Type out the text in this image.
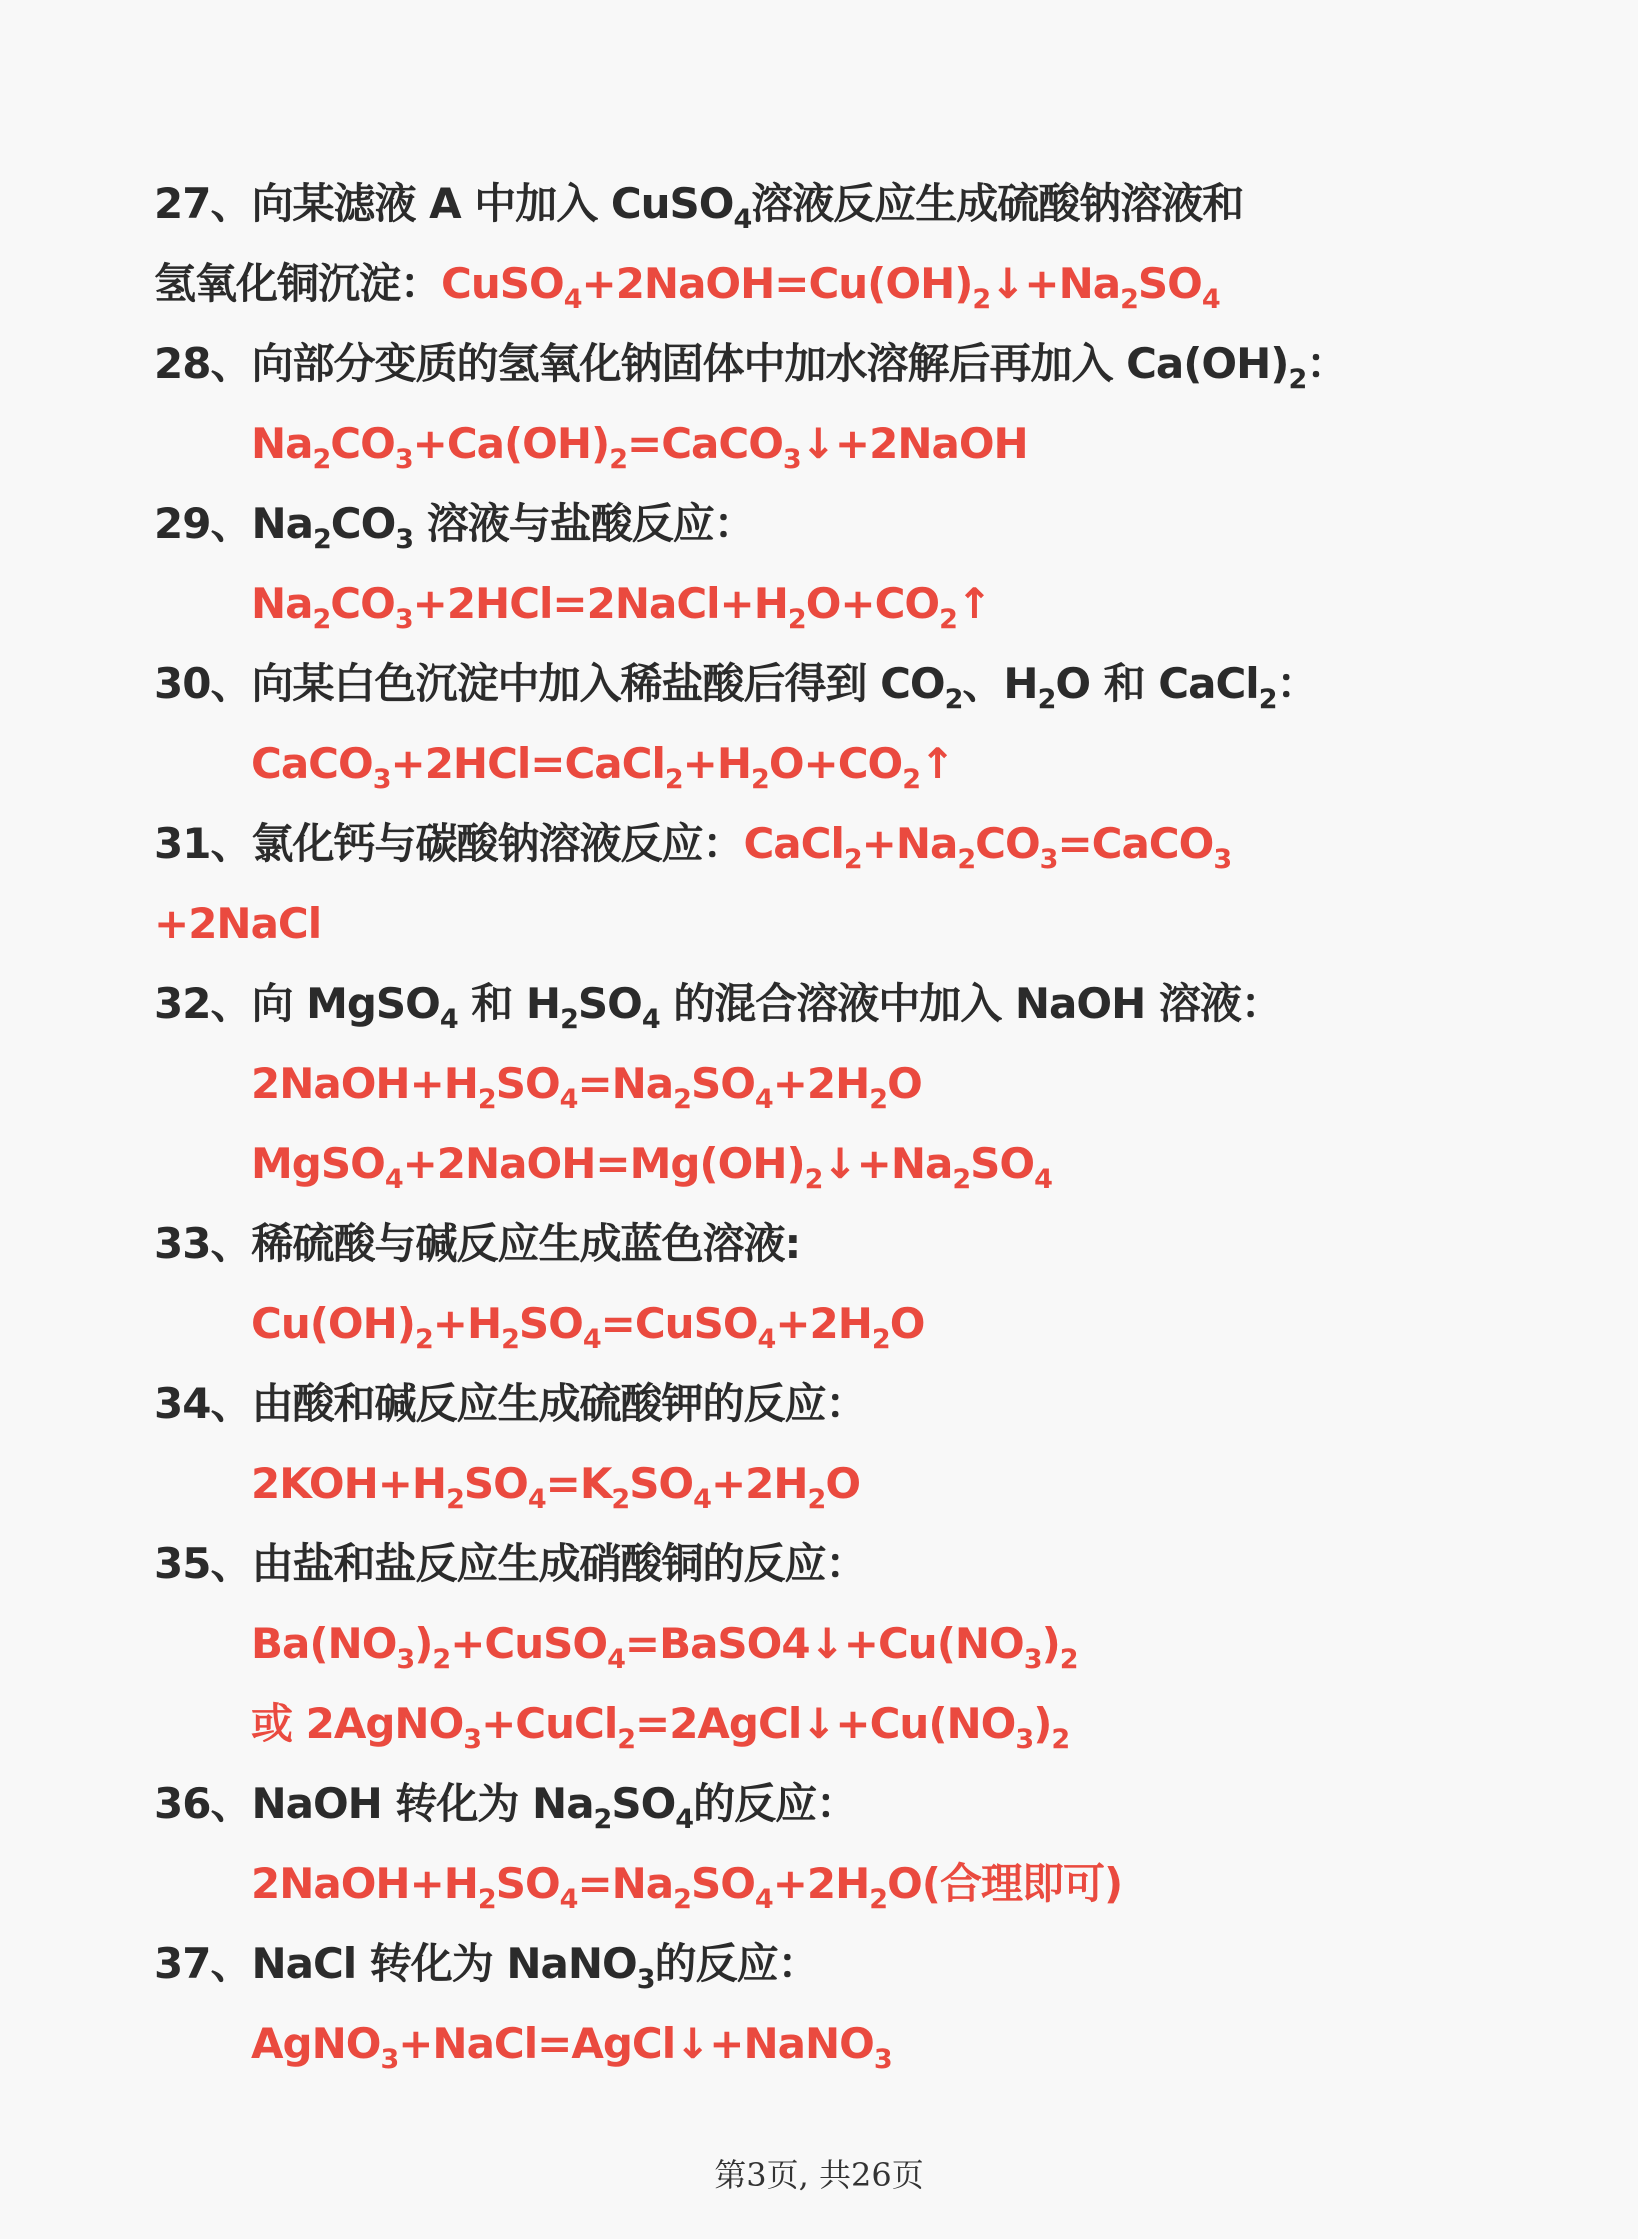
27、向某滤液 A 中加入 CuSO$_4$溶液反应生成硫酸钠溶液和
氢氧化铜沉淀：$CuSO_4+2NaOH=Cu(OH)_2↓+Na_2SO_4$
28、向部分变质的氢氧化钠固体中加水溶解后再加入 $Ca(OH)_2$：
$Na_2CO_3+Ca(OH)_2=CaCO_3↓+2NaOH$
29、$Na_2CO_3$ 溶液与盐酸反应：
$Na_2CO_3+2HCl=2NaCl+H_2O+CO_2↑$
30、向某白色沉淀中加入稀盐酸后得到 $CO_2$、$H_2O$ 和 CaCl$_2$：
$CaCO_3+2HCl=CaCl_2+H_2O+CO_2↑$
31、氯化钙与碳酸钠溶液反应：$CaCl_2+Na_2CO_3=CaCO_3$
+2NaCl
32、向 MgSO$_4$ 和 $H_2SO_4$ 的混合溶液中加入 NaOH 溶液：
$2NaOH+H_2SO_4=Na_2SO_4+2H_2O$
$MgSO_4+2NaOH=Mg(OH)_2↓+Na_2SO_4$
33、稀硫酸与碱反应生成蓝色溶液:
$Cu(OH)_2+H_2SO_4=CuSO_4+2H_2O$
34、由酸和碱反应生成硫酸钾的反应：
$2KOH+H_2SO_4=K_2SO_4+2H_2O$
35、由盐和盐反应生成硝酸铜的反应：
$Ba(NO_3)_2+CuSO_4=BaSO4↓+Cu(NO_3)_2$
或 $2AgNO_3+CuCl_2=2AgCl↓+Cu(NO_3)_2$
36、NaOH 转化为 $Na_2SO_4$的反应：
$2NaOH+H_2SO_4=Na_2SO_4+2H_2O$(合理即可)
37、NaCl 转化为 NaNO$_3$的反应：
AgNO$_3$+NaCl=AgCl↓+NaNO$_3$
第3页, 共26页
